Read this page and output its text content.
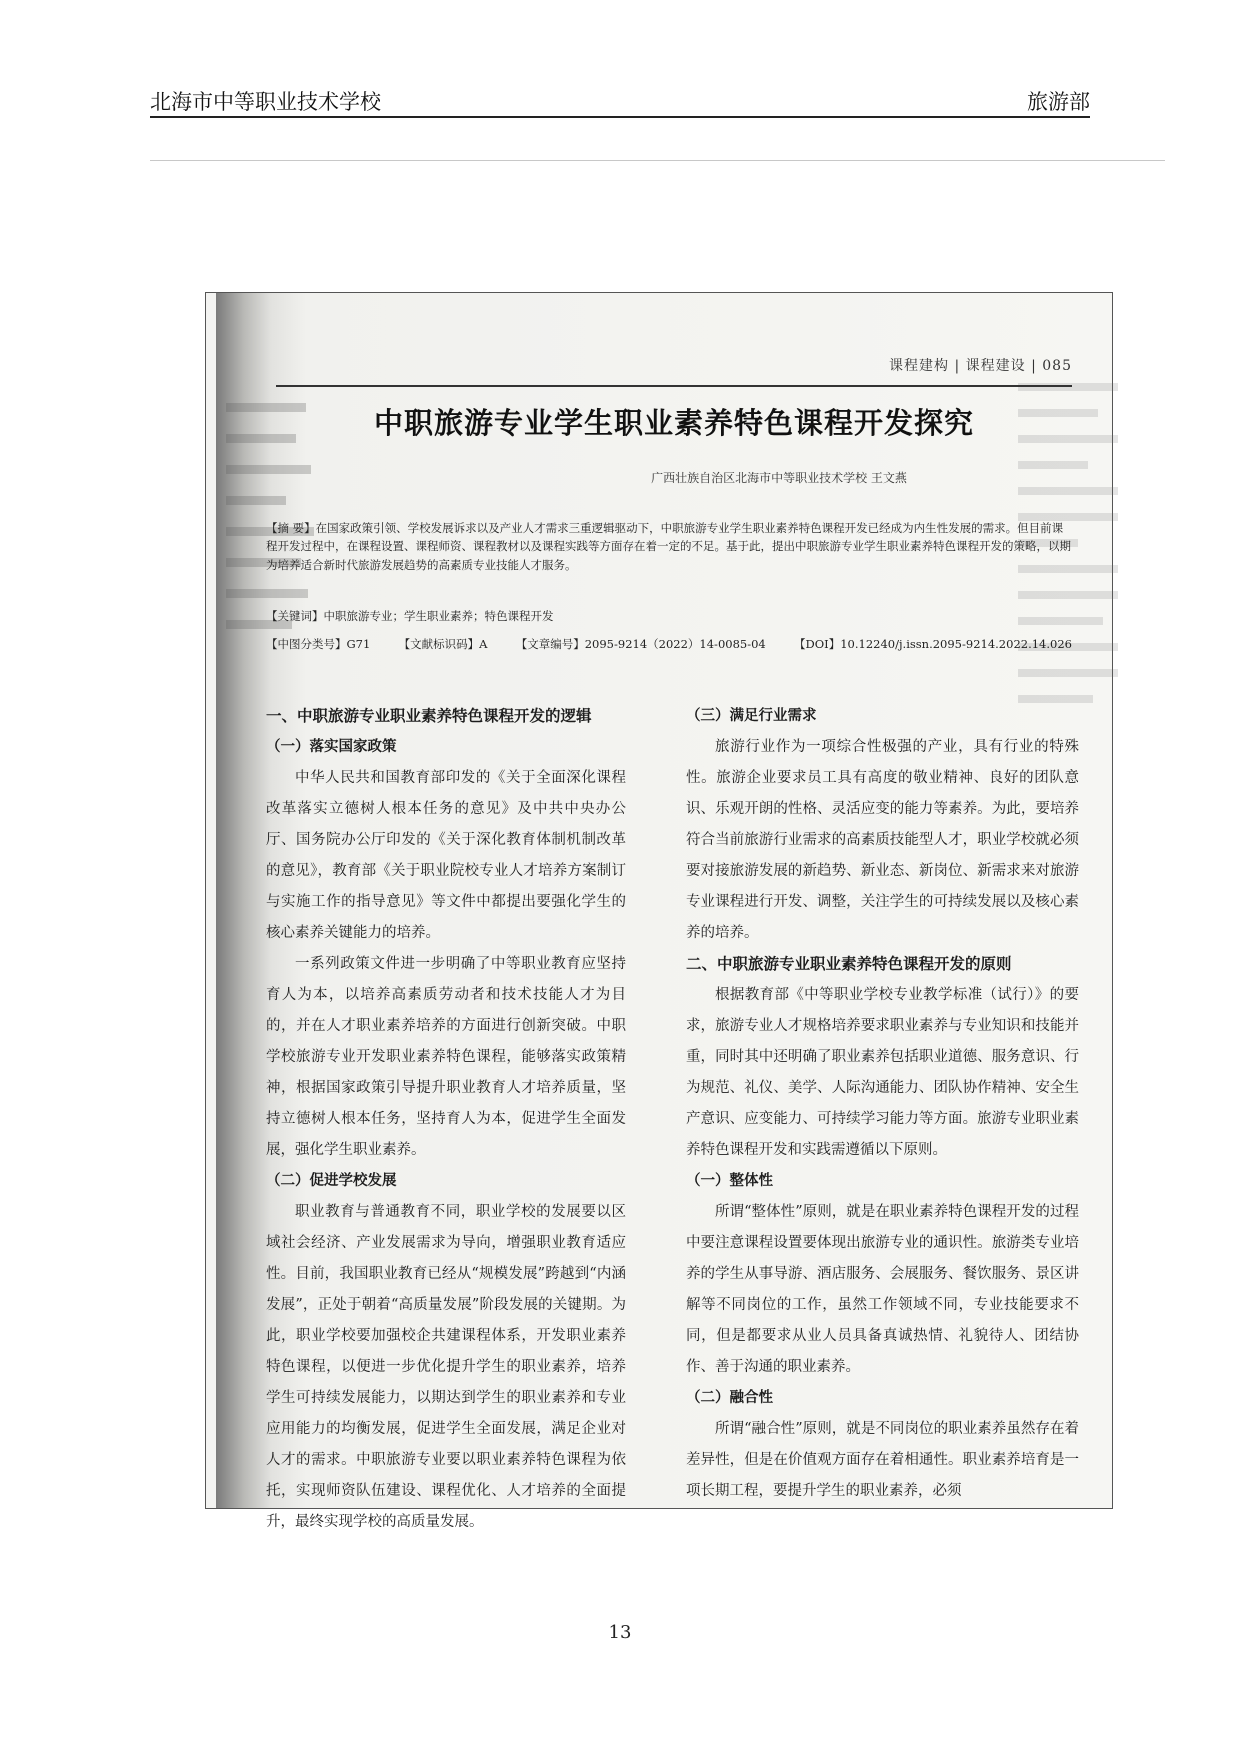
北海市中等职业技术学校	旅游部
课程建构 | 课程建设 | 085
中职旅游专业学生职业素养特色课程开发探究
广西壮族自治区北海市中等职业技术学校 王文燕
【摘 要】在国家政策引领、学校发展诉求以及产业人才需求三重逻辑驱动下，中职旅游专业学生职业素养特色课程开发已经成为内生性发展的需求。但目前课程开发过程中，在课程设置、课程师资、课程教材以及课程实践等方面存在着一定的不足。基于此，提出中职旅游专业学生职业素养特色课程开发的策略，以期为培养适合新时代旅游发展趋势的高素质专业技能人才服务。
【关键词】中职旅游专业；学生职业素养；特色课程开发
【中图分类号】G71 【文献标识码】A 【文章编号】2095-9214（2022）14-0085-04 【DOI】10.12240/j.issn.2095-9214.2022.14.026
一、中职旅游专业职业素养特色课程开发的逻辑
（一）落实国家政策

中华人民共和国教育部印发的《关于全面深化课程改革落实立德树人根本任务的意见》及中共中央办公厅、国务院办公厅印发的《关于深化教育体制机制改革的意见》，教育部《关于职业院校专业人才培养方案制订与实施工作的指导意见》等文件中都提出要强化学生的核心素养关键能力的培养。

一系列政策文件进一步明确了中等职业教育应坚持育人为本，以培养高素质劳动者和技术技能人才为目的，并在人才职业素养培养的方面进行创新突破。中职学校旅游专业开发职业素养特色课程，能够落实政策精神，根据国家政策引导提升职业教育人才培养质量，坚持立德树人根本任务，坚持育人为本，促进学生全面发展，强化学生职业素养。

（二）促进学校发展

职业教育与普通教育不同，职业学校的发展要以区域社会经济、产业发展需求为导向，增强职业教育适应性。目前，我国职业教育已经从“规模发展”跨越到“内涵发展”，正处于朝着“高质量发展”阶段发展的关键期。为此，职业学校要加强校企共建课程体系，开发职业素养特色课程，以便进一步优化提升学生的职业素养，培养学生可持续发展能力，以期达到学生的职业素养和专业应用能力的均衡发展，促进学生全面发展，满足企业对人才的需求。中职旅游专业要以职业素养特色课程为依托，实现师资队伍建设、课程优化、人才培养的全面提升，最终实现学校的高质量发展。

（三）满足行业需求

旅游行业作为一项综合性极强的产业，具有行业的特殊性。旅游企业要求员工具有高度的敬业精神、良好的团队意识、乐观开朗的性格、灵活应变的能力等素养。为此，要培养符合当前旅游行业需求的高素质技能型人才，职业学校就必须要对接旅游发展的新趋势、新业态、新岗位、新需求来对旅游专业课程进行开发、调整，关注学生的可持续发展以及核心素养的培养。

二、中职旅游专业职业素养特色课程开发的原则

根据教育部《中等职业学校专业教学标准（试行）》的要求，旅游专业人才规格培养要求职业素养与专业知识和技能并重，同时其中还明确了职业素养包括职业道德、服务意识、行为规范、礼仪、美学、人际沟通能力、团队协作精神、安全生产意识、应变能力、可持续学习能力等方面。旅游专业职业素养特色课程开发和实践需遵循以下原则。

（一）整体性

所谓“整体性”原则，就是在职业素养特色课程开发的过程中要注意课程设置要体现出旅游专业的通识性。旅游类专业培养的学生从事导游、酒店服务、会展服务、餐饮服务、景区讲解等不同岗位的工作，虽然工作领域不同，专业技能要求不同，但是都要求从业人员具备真诚热情、礼貌待人、团结协作、善于沟通的职业素养。

（二）融合性

所谓“融合性”原则，就是不同岗位的职业素养虽然存在着差异性，但是在价值观方面存在着相通性。职业素养培育是一项长期工程，要提升学生的职业素养，必须

13
